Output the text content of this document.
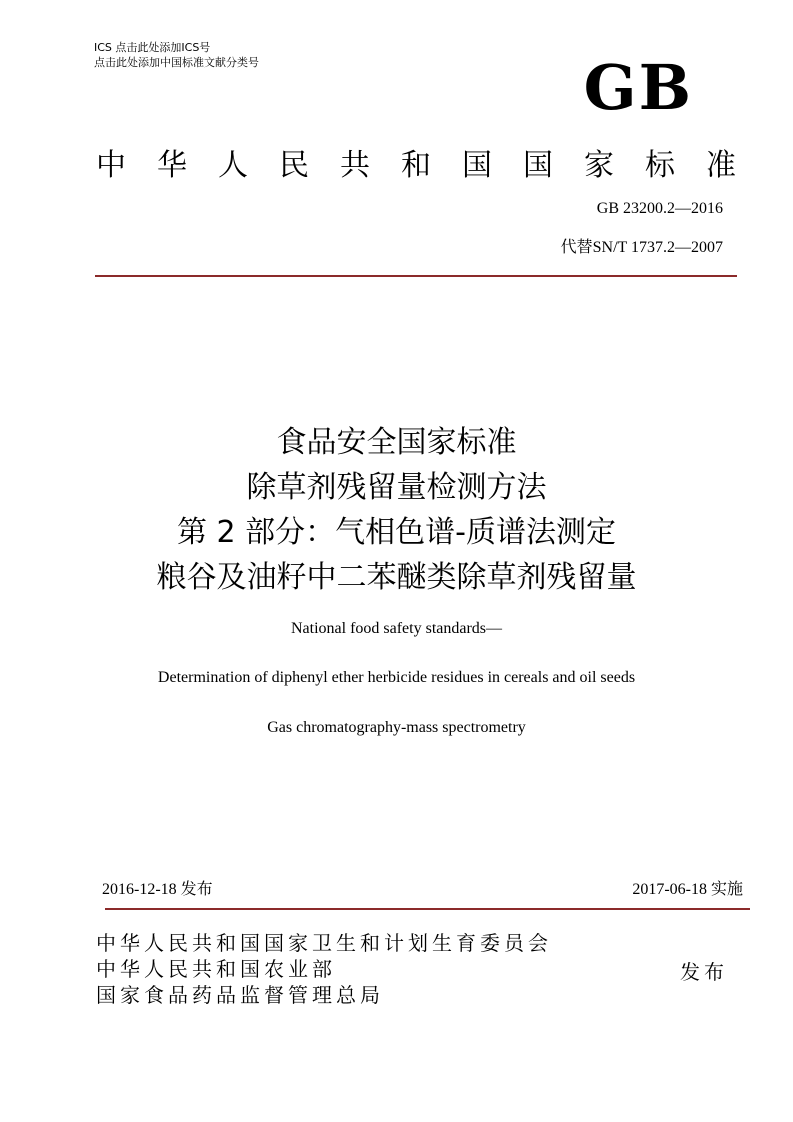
ICS 点击此处添加ICS号
点击此处添加中国标准文献分类号	GB
中 华 人 民 共 和 国 国 家 标 准
GB 23200.2—2016
代替SN/T 1737.2—2007
食品安全国家标准
除草剂残留量检测方法
第 2 部分：气相色谱-质谱法测定
粮谷及油籽中二苯醚类除草剂残留量
National food safety standards—
Determination of diphenyl ether herbicide residues in cereals and oil seeds
Gas chromatography-mass spectrometry
2016-12-18 发布	2017-06-18 实施
中华人民共和国国家卫生和计划生育委员会
中华人民共和国农业部
国家食品药品监督管理总局
发布
